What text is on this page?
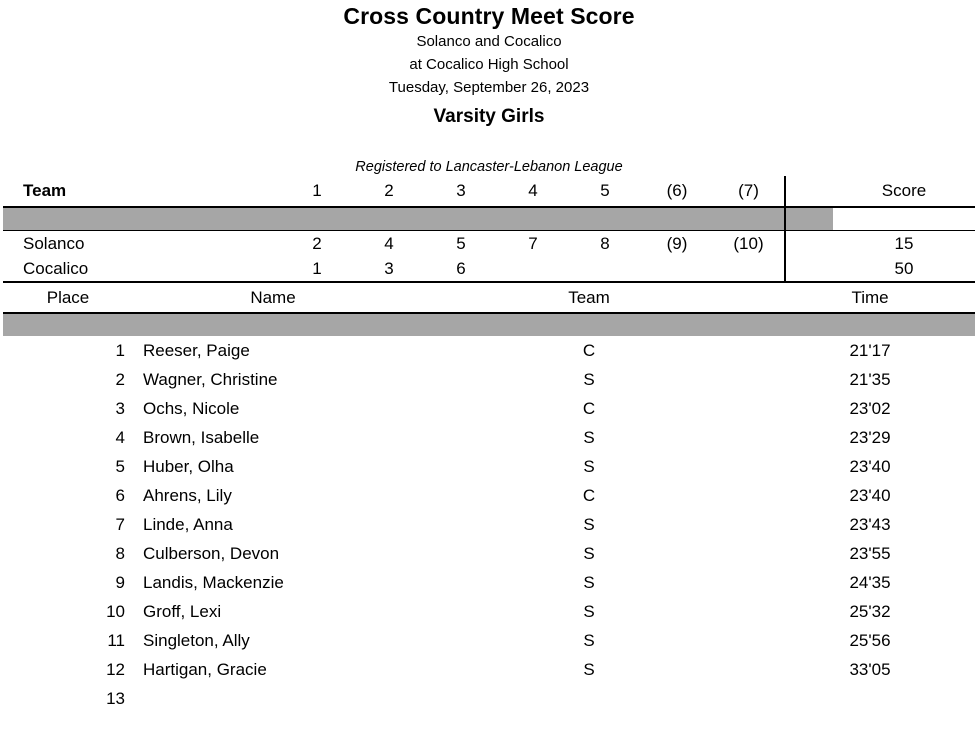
Cross Country Meet Score
Solanco and Cocalico
at Cocalico High School
Tuesday, September 26, 2023
Varsity Girls
Registered to Lancaster-Lebanon League
Team	1	2	3	4	5	(6)	(7)		Score

Solanco	2	4	5	7	8	(9)	(10)		15
Cocalico	1	3	6						50

Place	Name		Team			Time	

1	Reeser, Paige		C			21'17	
2	Wagner, Christine		S			21'35	
3	Ochs, Nicole		C			23'02	
4	Brown, Isabelle		S			23'29	
5	Huber, Olha		S			23'40	
6	Ahrens, Lily		C			23'40	
7	Linde, Anna		S			23'43	
8	Culberson, Devon		S			23'55	
9	Landis, Mackenzie		S			24'35	
10	Groff, Lexi		S			25'32	
11	Singleton, Ally		S			25'56	
12	Hartigan, Gracie		S			33'05	
13							
